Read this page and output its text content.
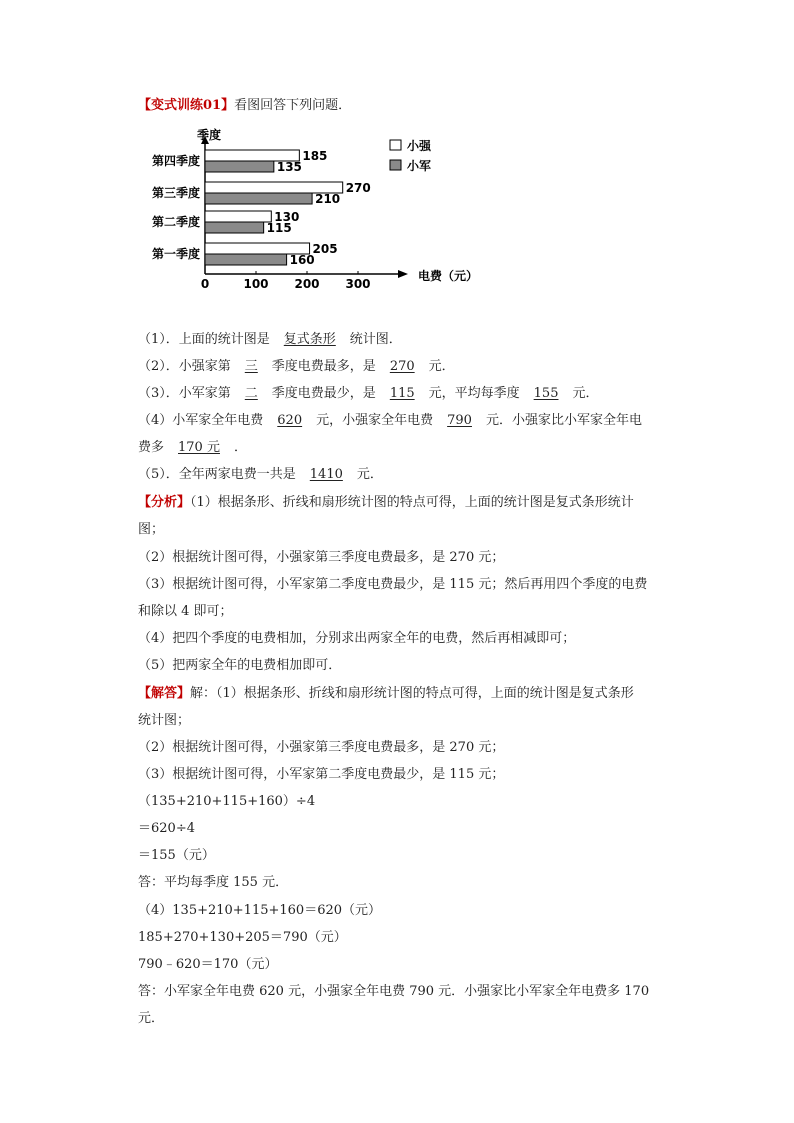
【变式训练01】看图回答下列问题．
季度
电费（元）
0	100 200 300
第四季度	185
135
第三季度	270
210
第二季度	130
115
第一季度	205
160
小强
小军
（1）．上面的统计图是 复式条形 统计图．
（2）．小强家第 三 季度电费最多，是 270 元．
（3）．小军家第 二 季度电费最少，是 115 元，平均每季度 155 元．
（4）小军家全年电费 620 元，小强家全年电费 790 元．小强家比小军家全年电
费多 170 元 ．
（5）．全年两家电费一共是 1410 元．
【分析】（1）根据条形、折线和扇形统计图的特点可得，上面的统计图是复式条形统计
图；
（2）根据统计图可得，小强家第三季度电费最多，是 270 元；
（3）根据统计图可得，小军家第二季度电费最少，是 115 元；然后再用四个季度的电费
和除以 4 即可；
（4）把四个季度的电费相加，分别求出两家全年的电费，然后再相减即可；
（5）把两家全年的电费相加即可．
【解答】解：（1）根据条形、折线和扇形统计图的特点可得，上面的统计图是复式条形
统计图；
（2）根据统计图可得，小强家第三季度电费最多，是 270 元；
（3）根据统计图可得，小军家第二季度电费最少，是 115 元；
（135+210+115+160）÷4
＝620÷4
＝155（元）
答：平均每季度 155 元．
（4）135+210+115+160＝620（元）
185+270+130+205＝790（元）
790﹣620＝170（元）
答：小军家全年电费 620 元，小强家全年电费 790 元．小强家比小军家全年电费多 170
元．
